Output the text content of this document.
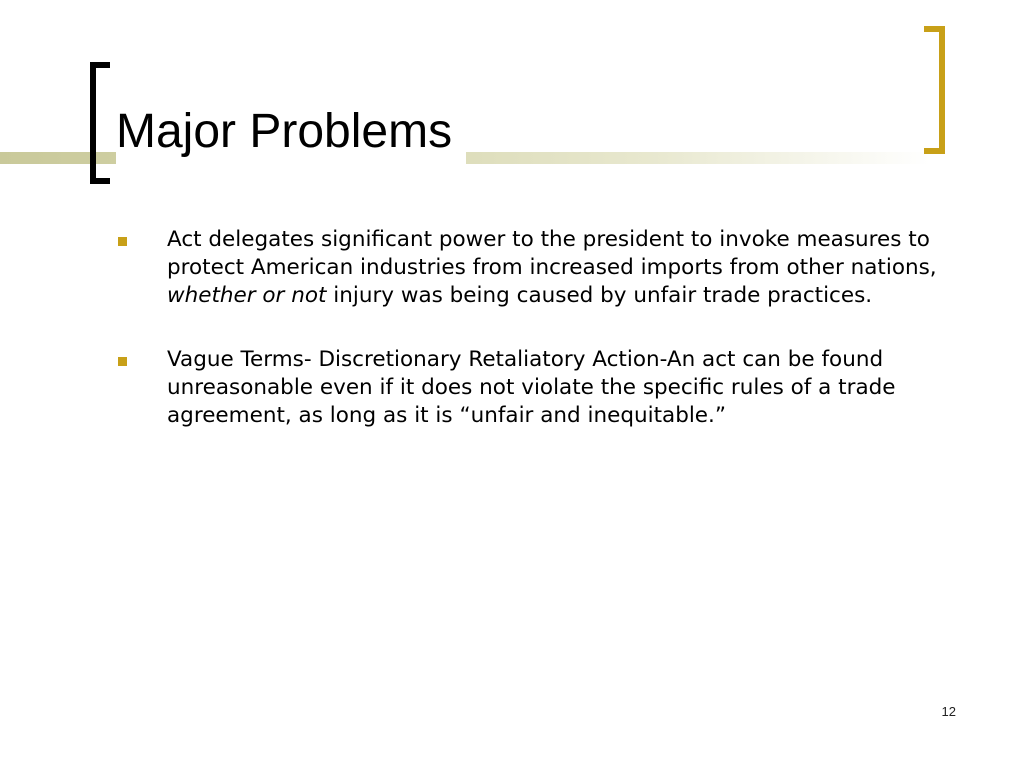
Major Problems
Act delegates significant power to the president to invoke measures to protect American industries from increased imports from other nations, whether or not injury was being caused by unfair trade practices.
Vague Terms- Discretionary Retaliatory Action-An act can be found unreasonable even if it does not violate the specific rules of a trade agreement, as long as it is “unfair and inequitable.”
12
